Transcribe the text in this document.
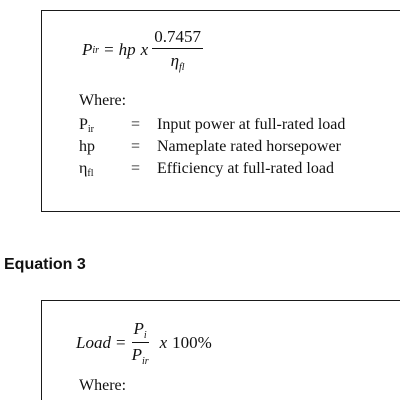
P ir = hp x $\frac{0.7457}{\eta_{fl}}$
Where:
Pir	=	Input power at full-rated load
hp	=	Nameplate rated horsepower
ηfl	=	Efficiency at full-rated load
Equation 3
Load = $\frac{P_i}{P_{ir}}$ x 100%
Where:
